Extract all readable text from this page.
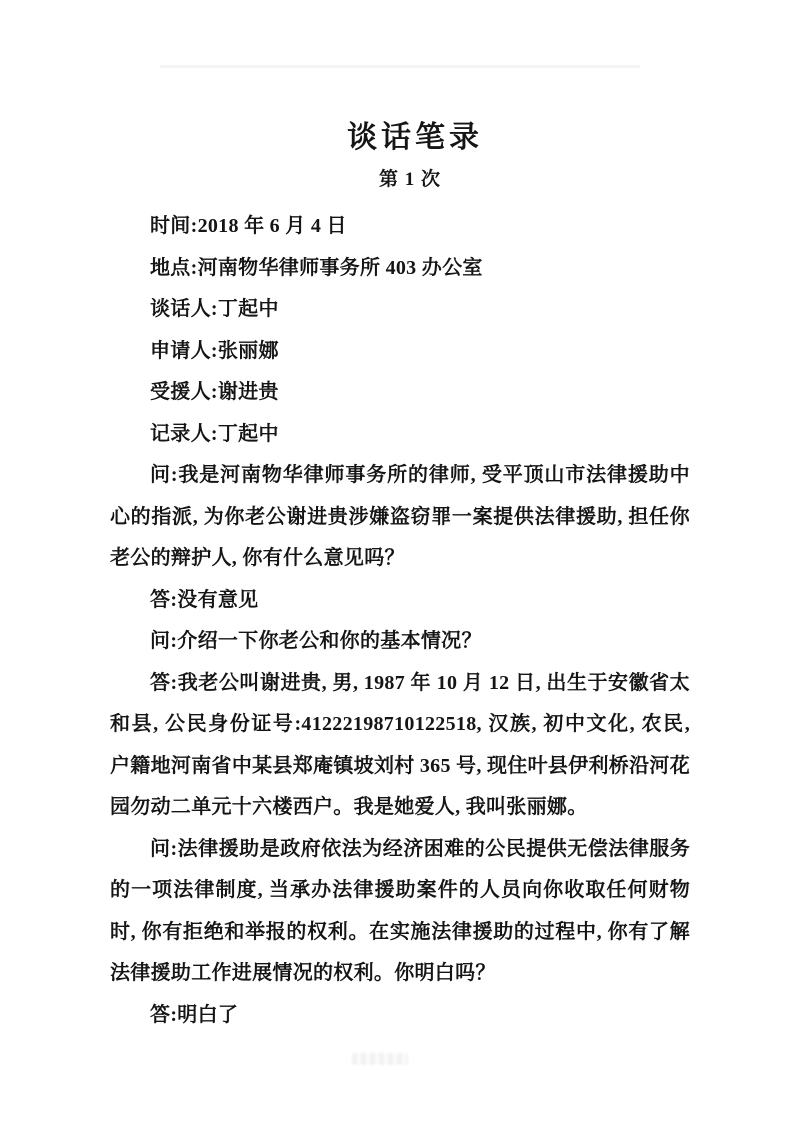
谈话笔录
第 1 次

时间:2018 年 6 月 4 日

地点:河南物华律师事务所 403 办公室

谈话人:丁起中

申请人:张丽娜

受援人:谢进贵

记录人:丁起中

问:我是河南物华律师事务所的律师, 受平顶山市法律援助中心的指派, 为你老公谢进贵涉嫌盗窃罪一案提供法律援助, 担任你老公的辩护人, 你有什么意见吗？

答:没有意见

问:介绍一下你老公和你的基本情况？

答:我老公叫谢进贵, 男, 1987 年 10 月 12 日, 出生于安徽省太和县, 公民身份证号:41222198710122518, 汉族, 初中文化, 农民, 户籍地河南省中某县郑庵镇坡刘村 365 号, 现住叶县伊利桥沿河花园勿动二单元十六楼西户。我是她爱人, 我叫张丽娜。

问:法律援助是政府依法为经济困难的公民提供无偿法律服务的一项法律制度, 当承办法律援助案件的人员向你收取任何财物时, 你有拒绝和举报的权利。在实施法律援助的过程中, 你有了解法律援助工作进展情况的权利。你明白吗？

答:明白了
